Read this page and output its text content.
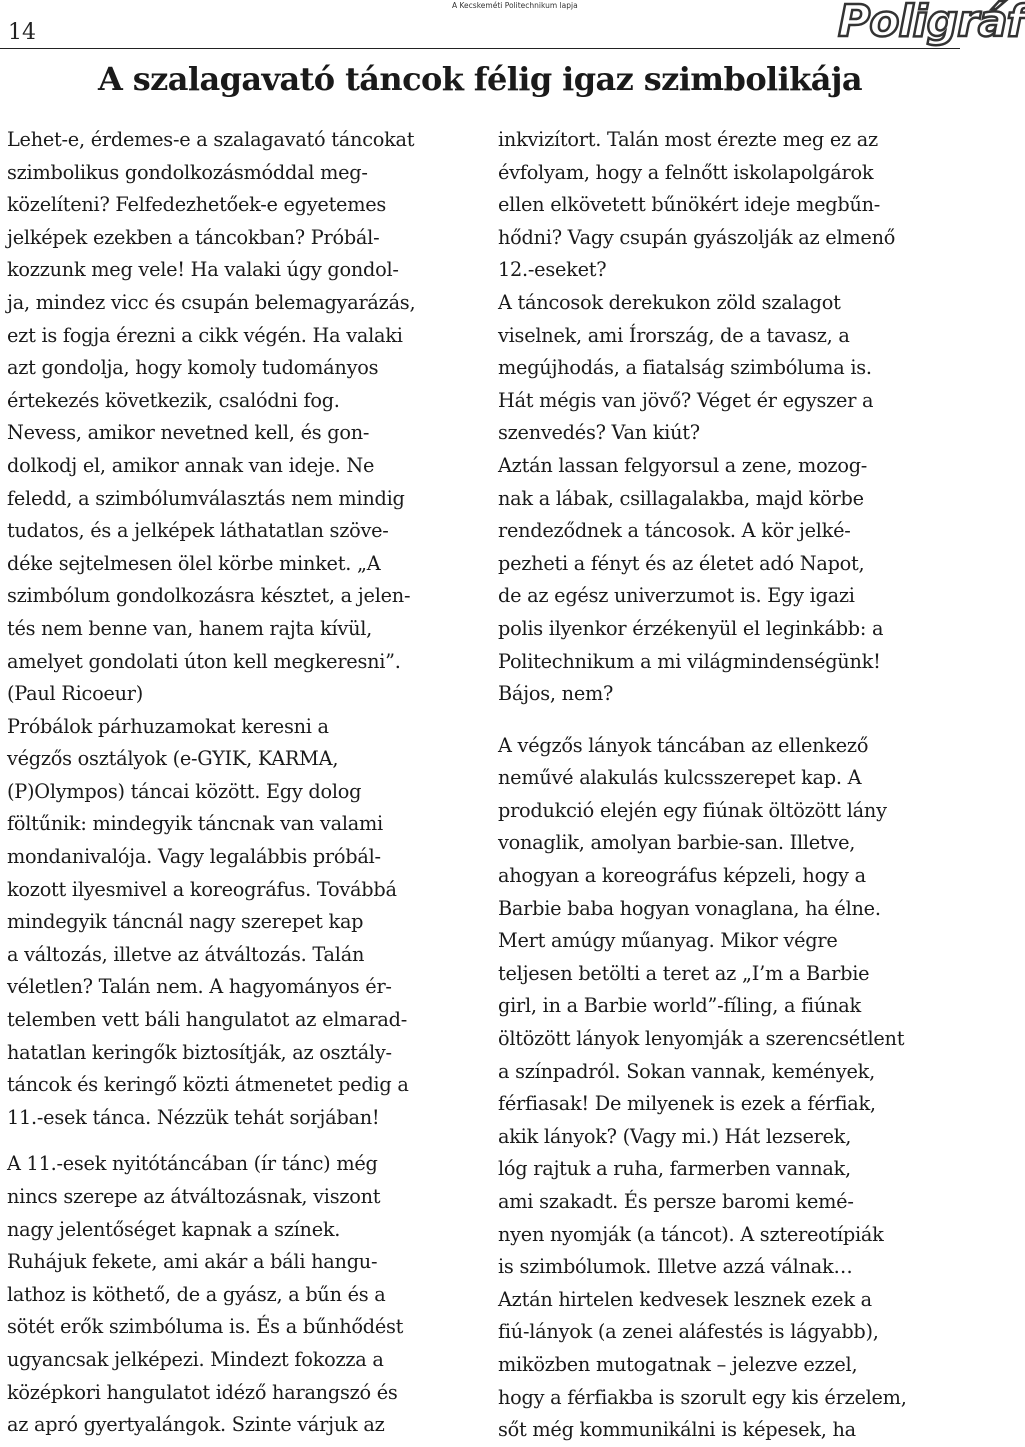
14	Poligráf
A Kecskeméti Politechnikum lapja
A szalagavató táncok félig igaz szimbolikája

Lehet-e, érdemes-e a szalagavató táncokat

szimbolikus gondolkozásmóddal meg-

közelíteni? Felfedezhetőek-e egyetemes

jelképek ezekben a táncokban? Próbál-

kozzunk meg vele! Ha valaki úgy gondol-

ja, mindez vicc és csupán belemagyarázás,

ezt is fogja érezni a cikk végén. Ha valaki

azt gondolja, hogy komoly tudományos

értekezés következik, csalódni fog.

Nevess, amikor nevetned kell, és gon-

dolkodj el, amikor annak van ideje. Ne

feledd, a szimbólumválasztás nem mindig

tudatos, és a jelképek láthatatlan szöve-

déke sejtelmesen ölel körbe minket. „A

szimbólum gondolkozásra késztet, a jelen-

tés nem benne van, hanem rajta kívül,

amelyet gondolati úton kell megkeresni”.

(Paul Ricoeur)

Próbálok párhuzamokat keresni a

végzős osztályok (e-GYIK, KARMA,

(P)Olympos) táncai között. Egy dolog

föltűnik: mindegyik táncnak van valami

mondanivalója. Vagy legalábbis próbál-

kozott ilyesmivel a koreográfus. Továbbá

mindegyik táncnál nagy szerepet kap

a változás, illetve az átváltozás. Talán

véletlen? Talán nem. A hagyományos ér-

telemben vett báli hangulatot az elmarad-

hatatlan keringők biztosítják, az osztály-

táncok és keringő közti átmenetet pedig a

11.-esek tánca. Nézzük tehát sorjában!

A 11.-esek nyitótáncában (ír tánc) még

nincs szerepe az átváltozásnak, viszont

nagy jelentőséget kapnak a színek.

Ruhájuk fekete, ami akár a báli hangu-

lathoz is köthető, de a gyász, a bűn és a

sötét erők szimbóluma is. És a bűnhődést

ugyancsak jelképezi. Mindezt fokozza a

középkori hangulatot idéző harangszó és

az apró gyertyalángok. Szinte várjuk az

inkvizítort. Talán most érezte meg ez az

évfolyam, hogy a felnőtt iskolapolgárok

ellen elkövetett bűnökért ideje megbűn-

hődni? Vagy csupán gyászolják az elmenő

12.-eseket?

A táncosok derekukon zöld szalagot

viselnek, ami Írország, de a tavasz, a

megújhodás, a fiatalság szimbóluma is.

Hát mégis van jövő? Véget ér egyszer a

szenvedés? Van kiút?

Aztán lassan felgyorsul a zene, mozog-

nak a lábak, csillagalakba, majd körbe

rendeződnek a táncosok. A kör jelké-

pezheti a fényt és az életet adó Napot,

de az egész univerzumot is. Egy igazi

polis ilyenkor érzékenyül el leginkább: a

Politechnikum a mi világmindenségünk!

Bájos, nem?

A végzős lányok táncában az ellenkező

neművé alakulás kulcsszerepet kap. A

produkció elején egy fiúnak öltözött lány

vonaglik, amolyan barbie-san. Illetve,

ahogyan a koreográfus képzeli, hogy a

Barbie baba hogyan vonaglana, ha élne.

Mert amúgy műanyag. Mikor végre

teljesen betölti a teret az „I’m a Barbie

girl, in a Barbie world”-fíling, a fiúnak

öltözött lányok lenyomják a szerencsétlent

a színpadról. Sokan vannak, kemények,

férfiasak! De milyenek is ezek a férfiak,

akik lányok? (Vagy mi.) Hát lezserek,

lóg rajtuk a ruha, farmerben vannak,

ami szakadt. És persze baromi kemé-

nyen nyomják (a táncot). A sztereotípiák

is szimbólumok. Illetve azzá válnak…

Aztán hirtelen kedvesek lesznek ezek a

fiú-lányok (a zenei aláfestés is lágyabb),

miközben mutogatnak – jelezve ezzel,

hogy a férfiakba is szorult egy kis érzelem,

sőt még kommunikálni is képesek, ha
